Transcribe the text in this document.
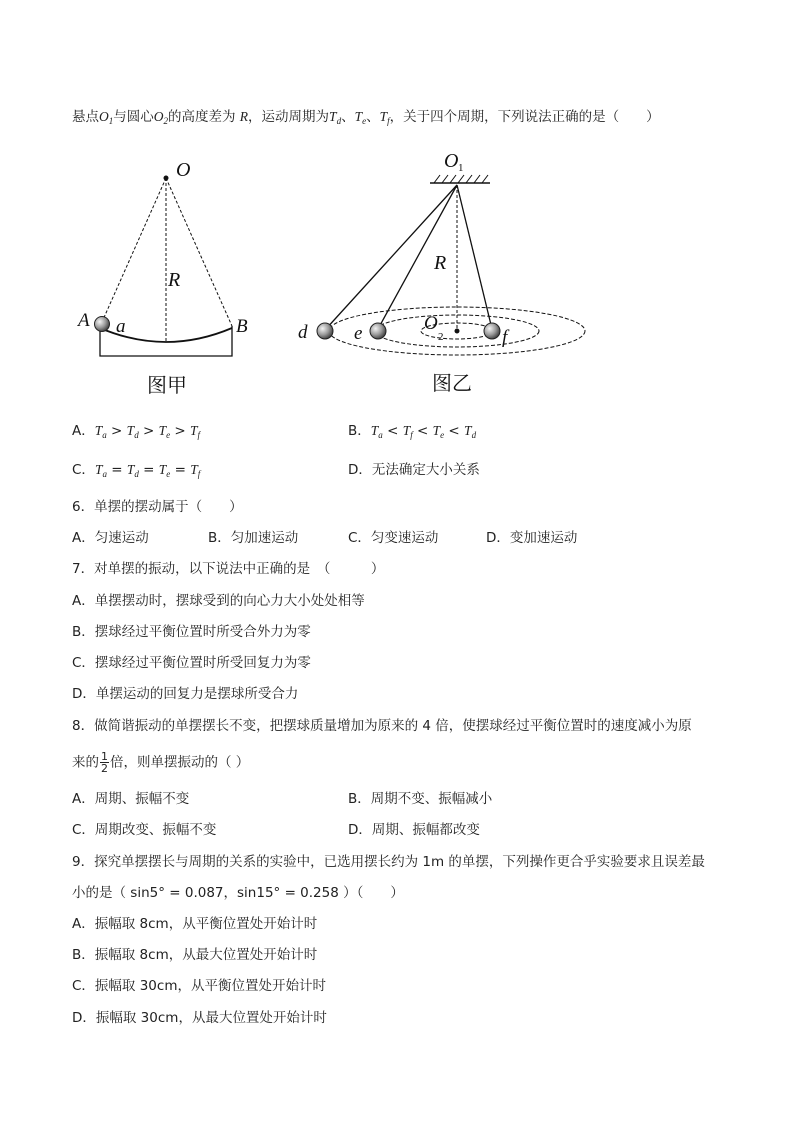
悬点$O_1$与圆心$O_2$的高度差为 R，运动周期为$T_d$、$T_e$、$T_f$，关于四个周期，下列说法正确的是（　　）
O
R
A a	B
图甲
O 1
R
O
2
d e	f
图乙
A．$T_a > T_d > T_e > T_f$	B．$T_a < T_f < T_e < T_d$
C．$T_a = T_d = T_e = T_f$	D．无法确定大小关系
6．单摆的摆动属于（　　）
A．匀速运动	B．匀加速运动	C．匀变速运动	D．变加速运动
7．对单摆的振动，以下说法中正确的是　（　　　）
A．单摆摆动时，摆球受到的向心力大小处处相等
B．摆球经过平衡位置时所受合外力为零
C．摆球经过平衡位置时所受回复力为零
D．单摆运动的回复力是摆球所受合力
8．做简谐振动的单摆摆长不变，把摆球质量增加为原来的 4 倍，使摆球经过平衡位置时的速度减小为原
来的 $\frac{1}{2}$ 倍，则单摆振动的（ ）
A．周期、振幅不变	B．周期不变、振幅减小
C．周期改变、振幅不变	D．周期、振幅都改变
9．探究单摆摆长与周期的关系的实验中，已选用摆长约为 1m 的单摆，下列操作更合乎实验要求且误差最
小的是（ sin5° = 0.087，sin15° = 0.258 ）（　　）
A．振幅取 8cm，从平衡位置处开始计时
B．振幅取 8cm，从最大位置处开始计时
C．振幅取 30cm，从平衡位置处开始计时
D．振幅取 30cm，从最大位置处开始计时
